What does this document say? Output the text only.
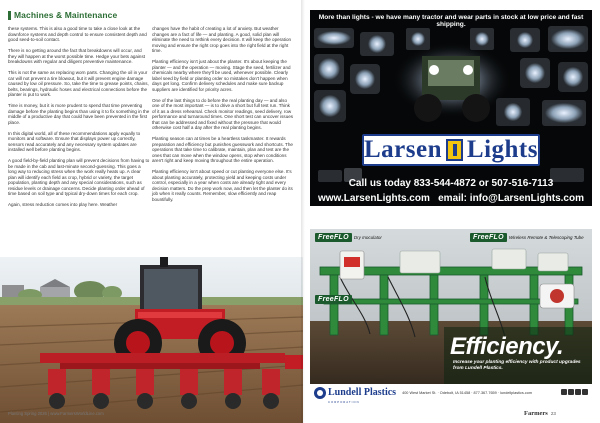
Machines & Maintenance

these systems. This is also a good time to take a close look at the downforce systems and depth control to ensure consistent depth and good seed-to-soil contact.

There is no getting around the fact that breakdowns will occur, and they will happen at the worst possible time. Hedge your bets against breakdowns with regular and diligent preventive maintenance.

This is not the same as replacing worn parts. Changing the oil in your car will not prevent a tire blowout, but it will prevent engine damage caused by low oil pressure. So, take the time to grease points, chains, belts, bearings, hydraulic hoses and electrical connections before the planter is put to work.

Time is money, but it is more prudent to spend that time preventing damage before the planting begins than using it to fix something in the middle of a productive day that could have been prevented in the first place.

In this digital world, all of these recommendations apply equally to monitors and software. Ensure that displays power up correctly, sensors read accurately and any necessary system updates are installed well before planting begins.

A good field-by-field planting plan will prevent decisions from having to be made in the cab and last-minute second-guessing. This goes a long way to reducing stress when the work really heats up. A clear plan will identify each field as crop, hybrid or variety, the target population, planting depth and any special considerations, such as residue levels or drainage concerns. Decide planting order ahead of time based on soil type and typical dry-down times for each crop.

Again, stress reduction comes into play here. Weather

changes have the habit of creating a lot of anxiety. But weather changes are a fact of life — and planting. A good, solid plan will eliminate the need to rethink every decision. It will keep the operation moving and ensure the right crop goes into the right field at the right time.

Planting efficiency isn't just about the planter. It's about keeping the planter — and the operation — moving. Stage the seed, fertilizer and chemicals nearby where they'll be used, whenever possible. Clearly label seed by field or planting order so mistakes don't happen when days get long. Confirm delivery schedules and make sure backup suppliers are identified for priority acres.

One of the last things to do before the real planting day — and also one of the most important — is to drive a short but full test run. Think of it as a dress rehearsal. Check monitor readings, seed delivery, row performance and turnaround times. One short test can uncover issues that can be addressed and fixed without the pressure that would otherwise cost half a day after the real planting begins.

Planting season can at times be a heartless taskmaster. It rewards preparation and efficiency but punishes guesswork and shortcuts. The operations that take time to calibrate, maintain, plan and test are the ones that can move when the window opens, stop when conditions aren't right and keep moving throughout the entire operation.

Planting efficiency isn't about speed or cut planting everyone else. It's about planting accurately, protecting yield and keeping costs under control, especially in a year when costs are already tight and every decision matters. Do the prep work now, and then let the planter do its job when it really counts. Remember, slow efficiently and reap bountifully.

More than lights - we have many tractor and wear parts in stock at low price and fast shipping.
Larsen Lights
Call us today 833-544-4872 or 507-516-7113
www.LarsenLights.com email: info@LarsenLights.com
FreeFLO	Dry Inoculator	FreeFLO	Wireless Remote & Telescoping Tube
FreeFLO
Efficiency.
Increase your planting efficiency with product upgrades from Lundell Plastics.
Lundell Plastics
CORPORATION
400 West Market St. · Odebolt, IA 51458 · 877.367.7659 · lundellplastics.com
Planting Spring 2026 | www.FarmersWorldLine.com	Farmers 23
